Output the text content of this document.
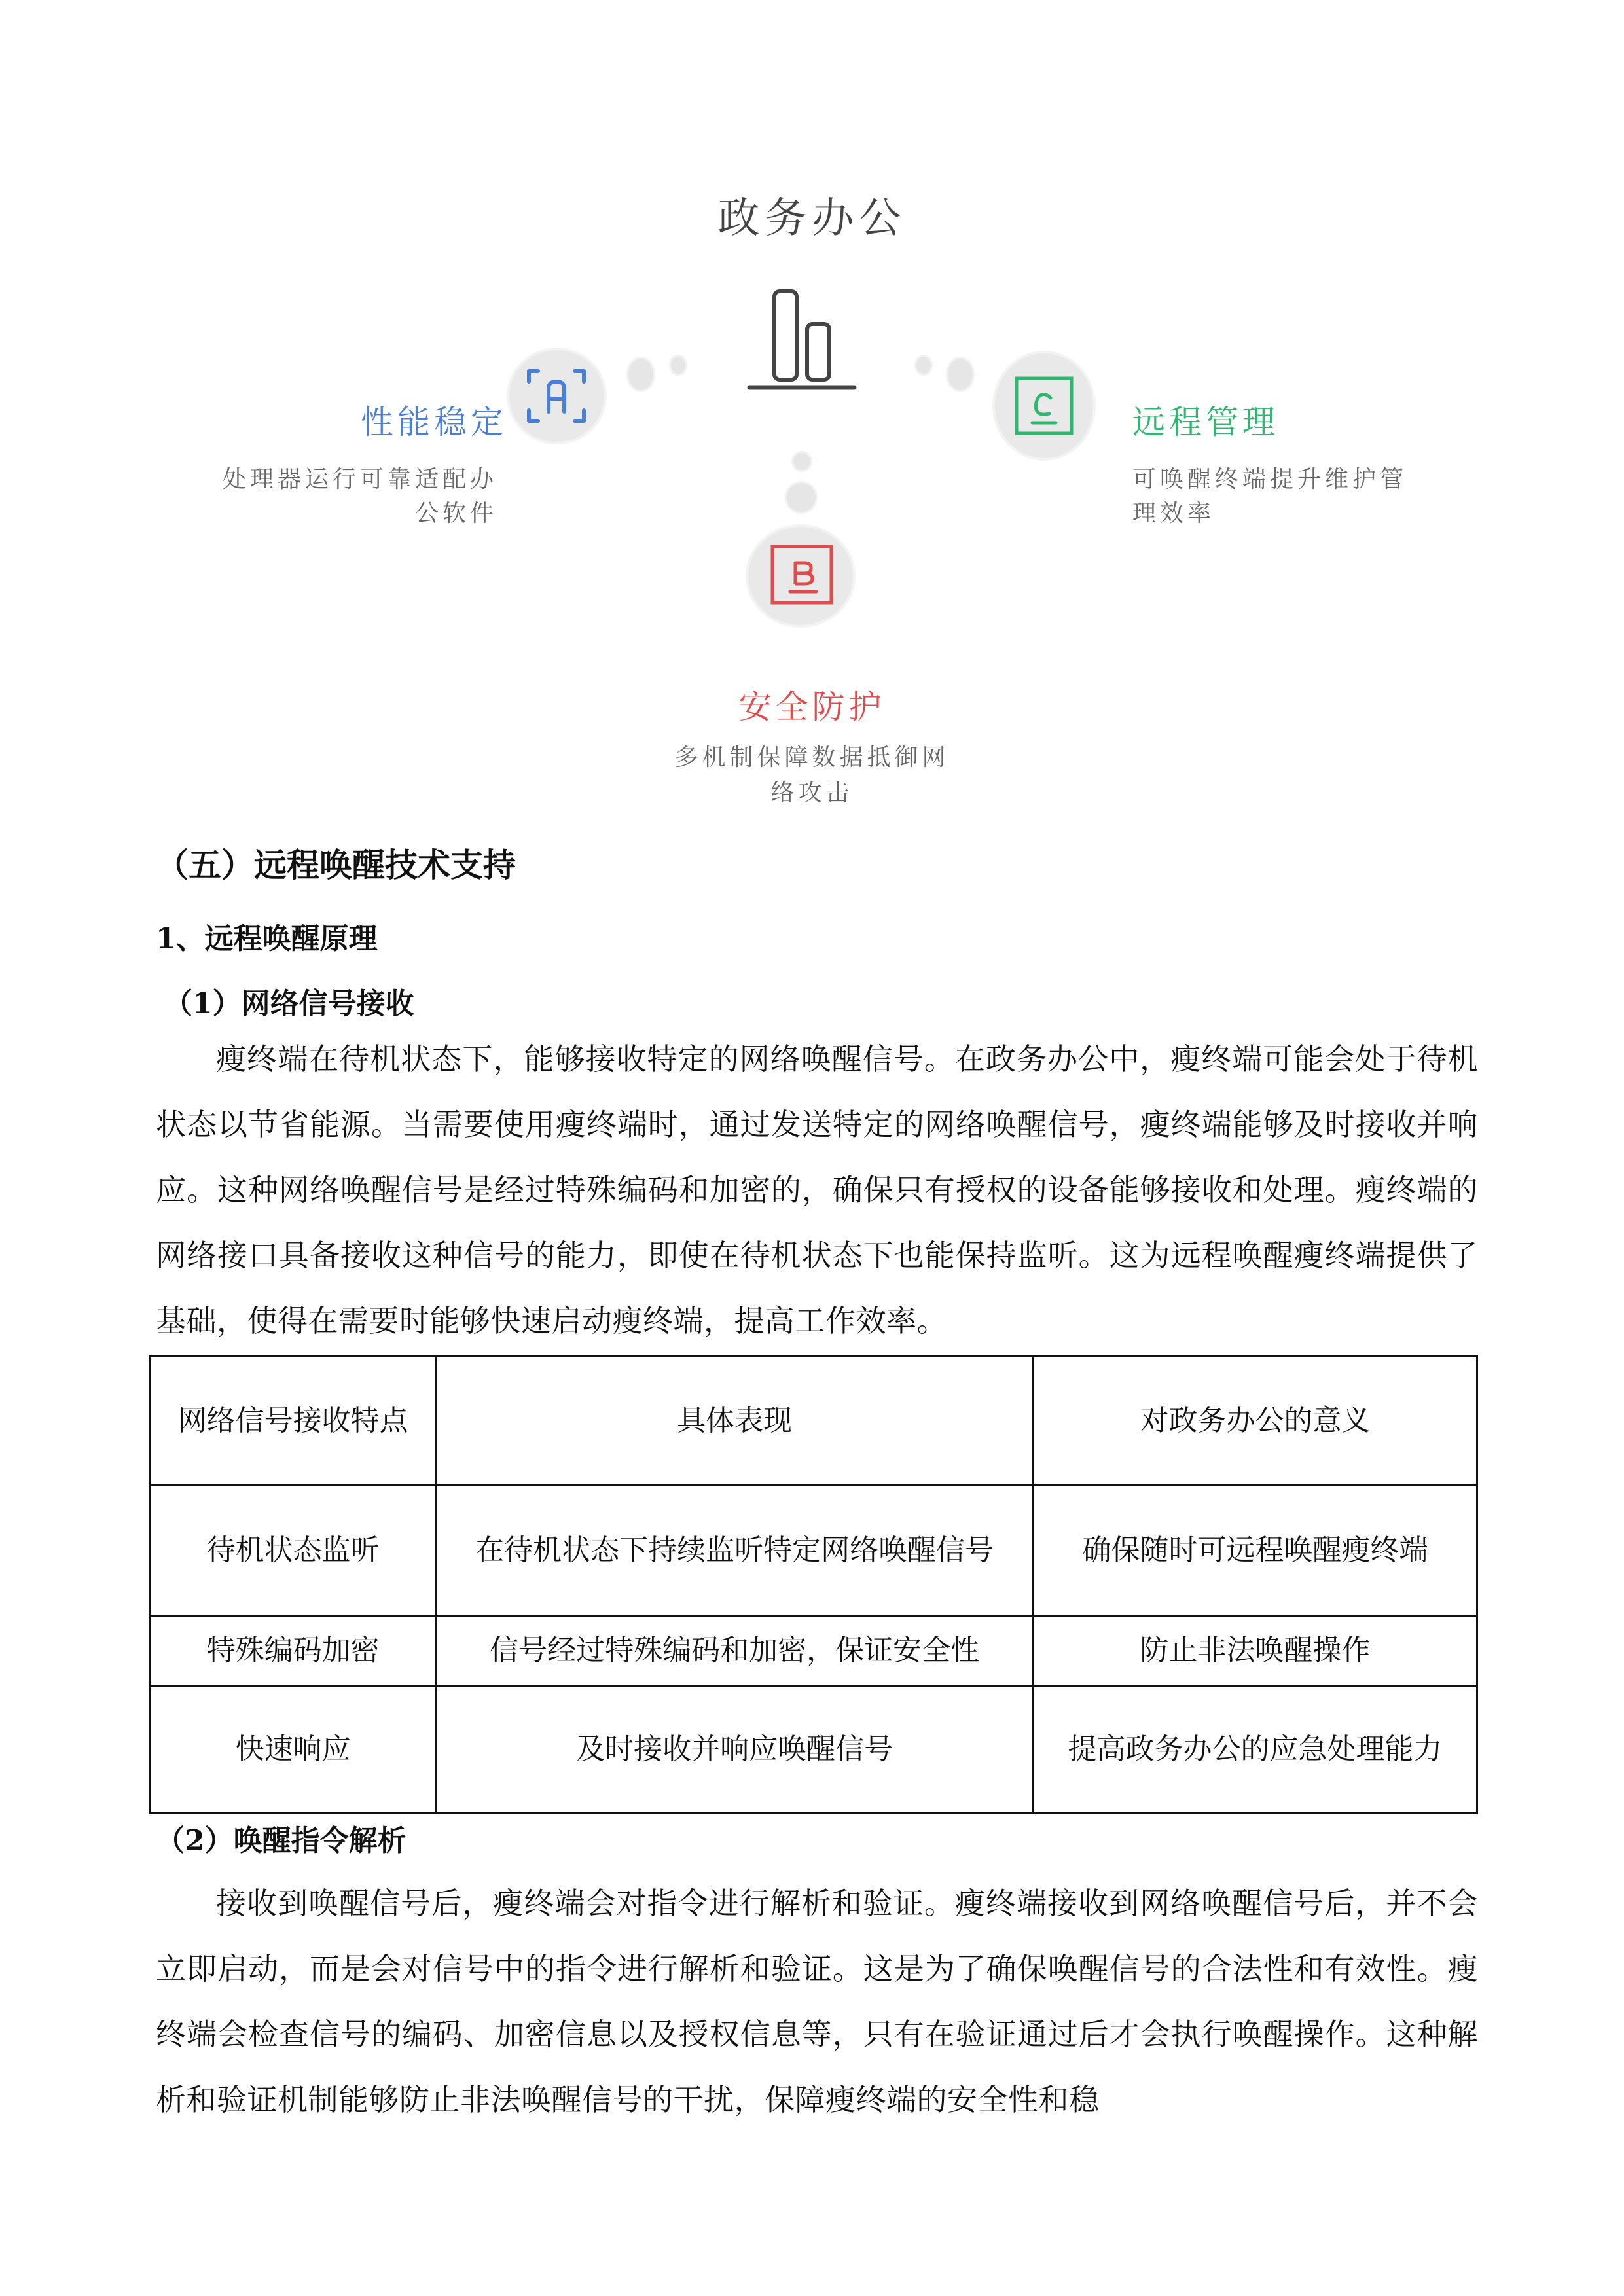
政务办公
性能稳定
处理器运行可靠适配办
公软件
远程管理
可唤醒终端提升维护管
理效率
安全防护
多机制保障数据抵御网
络攻击
（五）远程唤醒技术支持
1、远程唤醒原理
（1）网络信号接收
瘦终端在待机状态下，能够接收特定的网络唤醒信号。在政务办公中，瘦终端可能会处于待机状态以节省能源。当需要使用瘦终端时，通过发送特定的网络唤醒信号，瘦终端能够及时接收并响应。这种网络唤醒信号是经过特殊编码和加密的，确保只有授权的设备能够接收和处理。瘦终端的网络接口具备接收这种信号的能力，即使在待机状态下也能保持监听。这为远程唤醒瘦终端提供了基础，使得在需要时能够快速启动瘦终端，提高工作效率。
网络信号接收特点	具体表现	对政务办公的意义
待机状态监听	在待机状态下持续监听特定网络唤醒信号	确保随时可远程唤醒瘦终端
特殊编码加密	信号经过特殊编码和加密，保证安全性	防止非法唤醒操作
快速响应	及时接收并响应唤醒信号	提高政务办公的应急处理能力
（2）唤醒指令解析
接收到唤醒信号后，瘦终端会对指令进行解析和验证。瘦终端接收到网络唤醒信号后，并不会立即启动，而是会对信号中的指令进行解析和验证。这是为了确保唤醒信号的合法性和有效性。瘦终端会检查信号的编码、加密信息以及授权信息等，只有在验证通过后才会执行唤醒操作。这种解析和验证机制能够防止非法唤醒信号的干扰，保障瘦终端的安全性和稳
